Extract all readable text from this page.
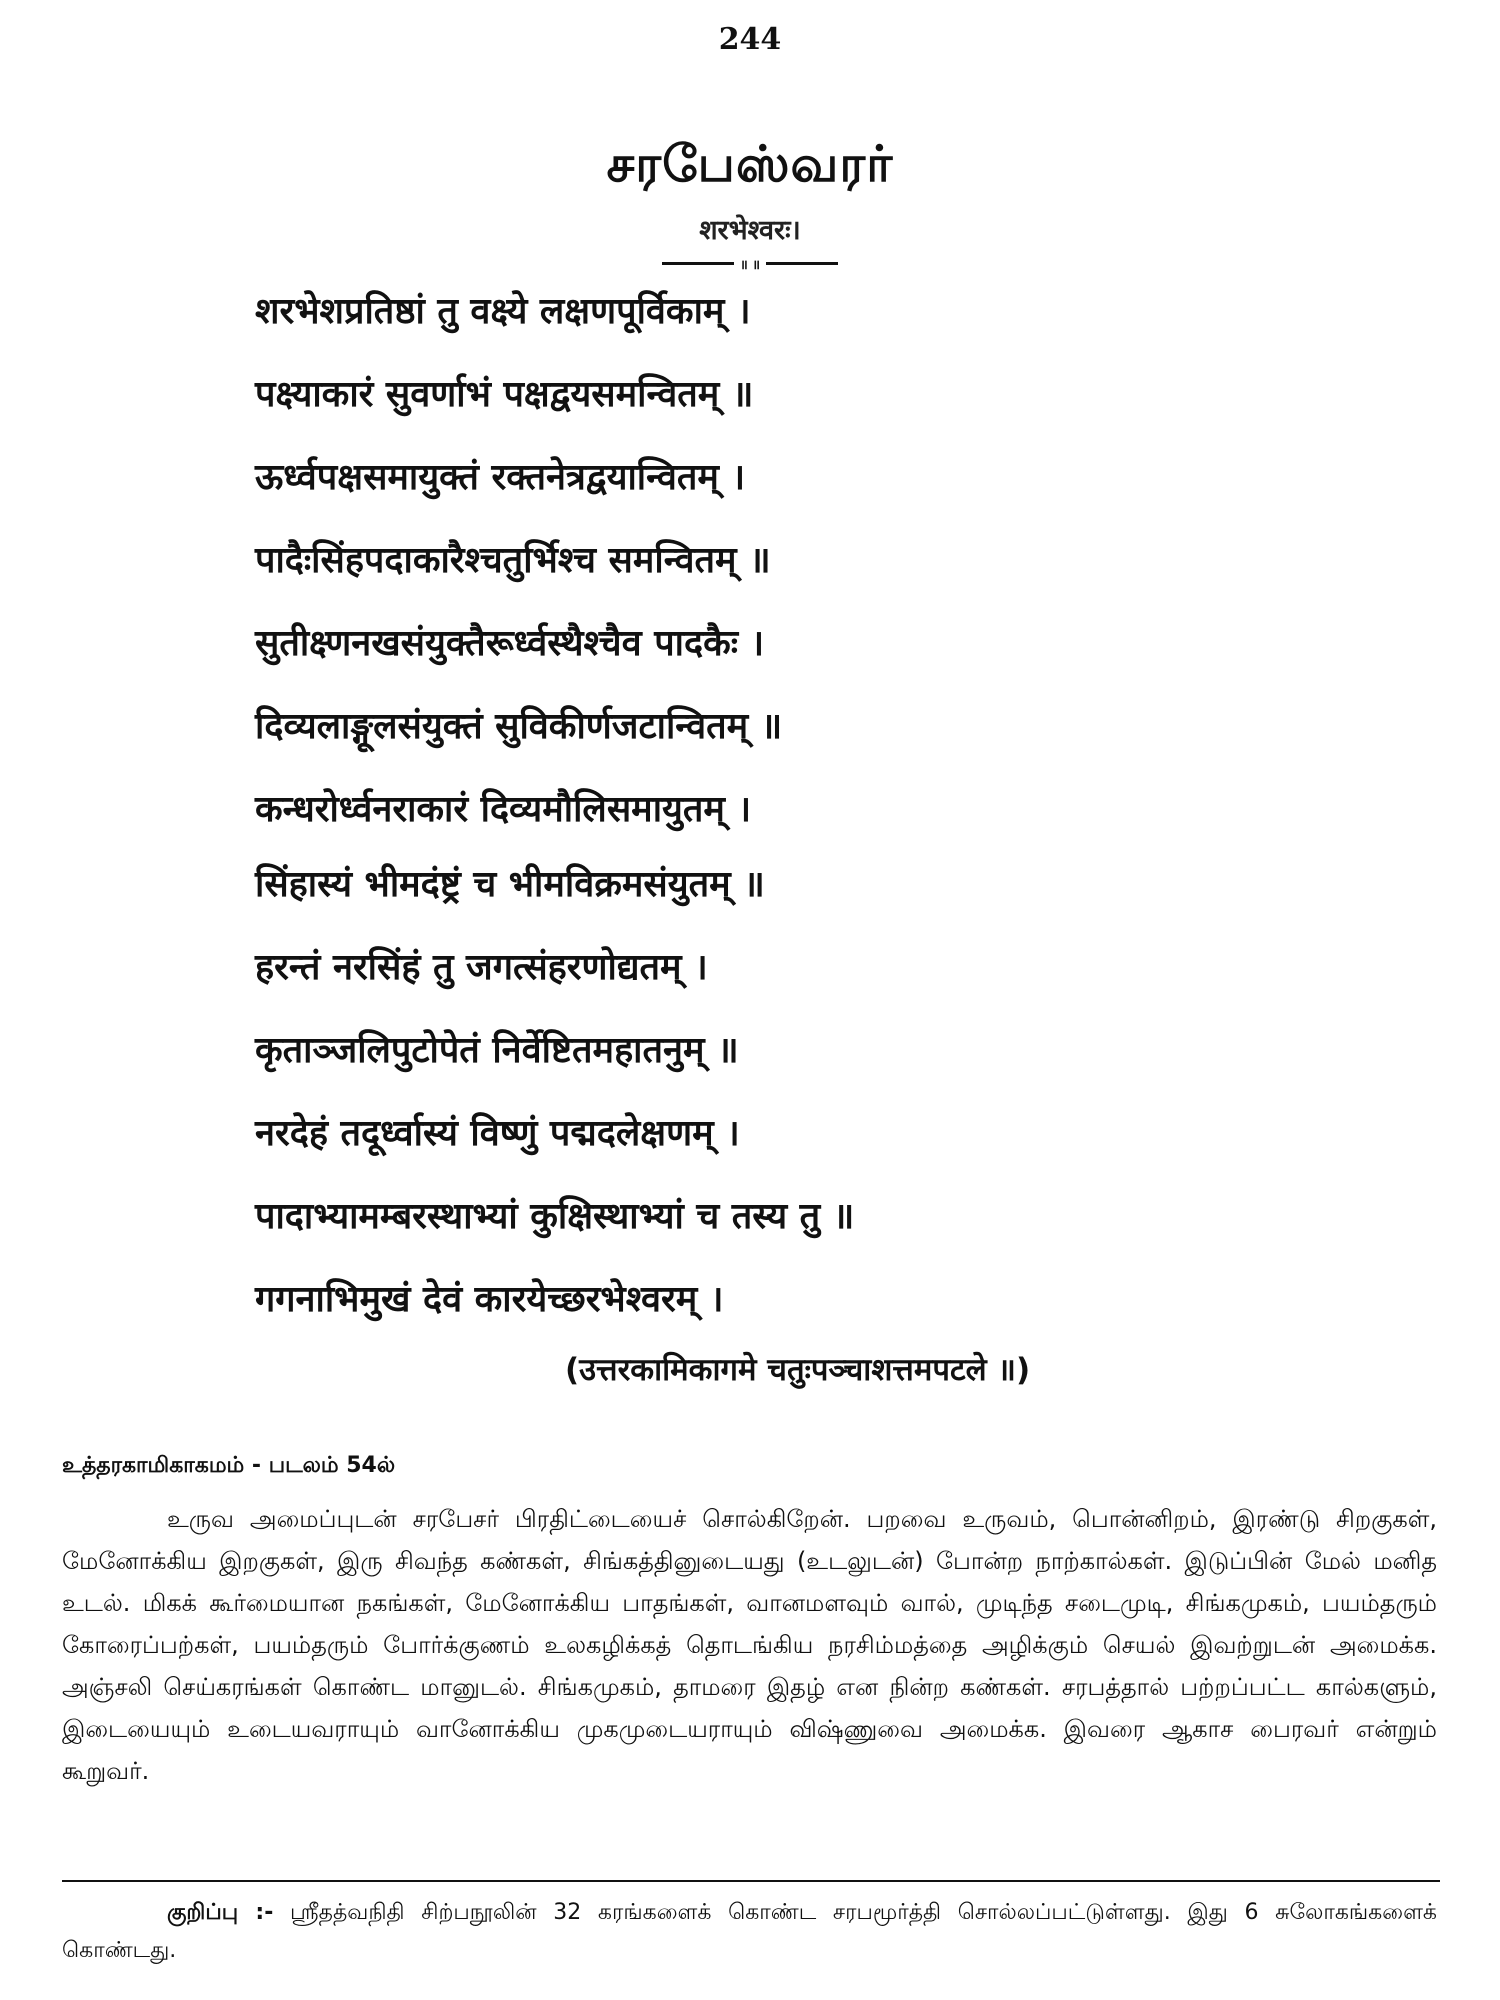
244
சரபேஸ்வரர்
शरभेश्वरः।
॥ ॥
शरभेशप्रतिष्ठां तु वक्ष्ये लक्षणपूर्विकाम् ।
पक्ष्याकारं सुवर्णाभं पक्षद्वयसमन्वितम् ॥
ऊर्ध्वपक्षसमायुक्तं रक्तनेत्रद्वयान्वितम् ।
पादैःसिंहपदाकारैश्चतुर्भिश्च समन्वितम् ॥
सुतीक्ष्णनखसंयुक्तैरूर्ध्वस्थैश्चैव पादकैः ।
दिव्यलाङ्गूलसंयुक्तं सुविकीर्णजटान्वितम् ॥
कन्धरोर्ध्वनराकारं दिव्यमौलिसमायुतम् ।
सिंहास्यं भीमदंष्ट्रं च भीमविक्रमसंयुतम् ॥
हरन्तं नरसिंहं तु जगत्संहरणोद्यतम् ।
कृताञ्जलिपुटोपेतं निर्वेष्टितमहातनुम् ॥
नरदेहं तदूर्ध्वास्यं विष्णुं पद्मदलेक्षणम् ।
पादाभ्यामम्बरस्थाभ्यां कुक्षिस्थाभ्यां च तस्य तु ॥
गगनाभिमुखं देवं कारयेच्छरभेश्वरम् ।
(उत्तरकामिकागमे चतुःपञ्चाशत्तमपटले ॥)
உத்தரகாமிகாகமம் - படலம் 54ல்

உருவ அமைப்புடன் சரபேசர் பிரதிட்டையைச் சொல்கிறேன். பறவை உருவம், பொன்னிறம், இரண்டு சிறகுகள், மேனோக்கிய இறகுகள், இரு சிவந்த கண்கள், சிங்கத்தினுடையது (உடலுடன்) போன்ற நாற்கால்கள். இடுப்பின் மேல் மனித உடல். மிகக் கூர்மையான நகங்கள், மேனோக்கிய பாதங்கள், வானமளவும் வால், முடிந்த சடைமுடி, சிங்கமுகம், பயம்தரும் கோரைப்பற்கள், பயம்தரும் போர்க்குணம் உலகழிக்கத் தொடங்கிய நரசிம்மத்தை அழிக்கும் செயல் இவற்றுடன் அமைக்க. அஞ்சலி செய்கரங்கள் கொண்ட மானுடல். சிங்கமுகம், தாமரை இதழ் என நின்ற கண்கள். சரபத்தால் பற்றப்பட்ட கால்களும், இடையையும் உடையவராயும் வானோக்கிய முகமுடையராயும் விஷ்ணுவை அமைக்க. இவரை ஆகாச பைரவர் என்றும் கூறுவர்.

குறிப்பு :- ஸ்ரீதத்வநிதி சிற்பநூலின் 32 கரங்களைக் கொண்ட சரபமூர்த்தி சொல்லப்பட்டுள்ளது. இது 6 சுலோகங்களைக் கொண்டது.
